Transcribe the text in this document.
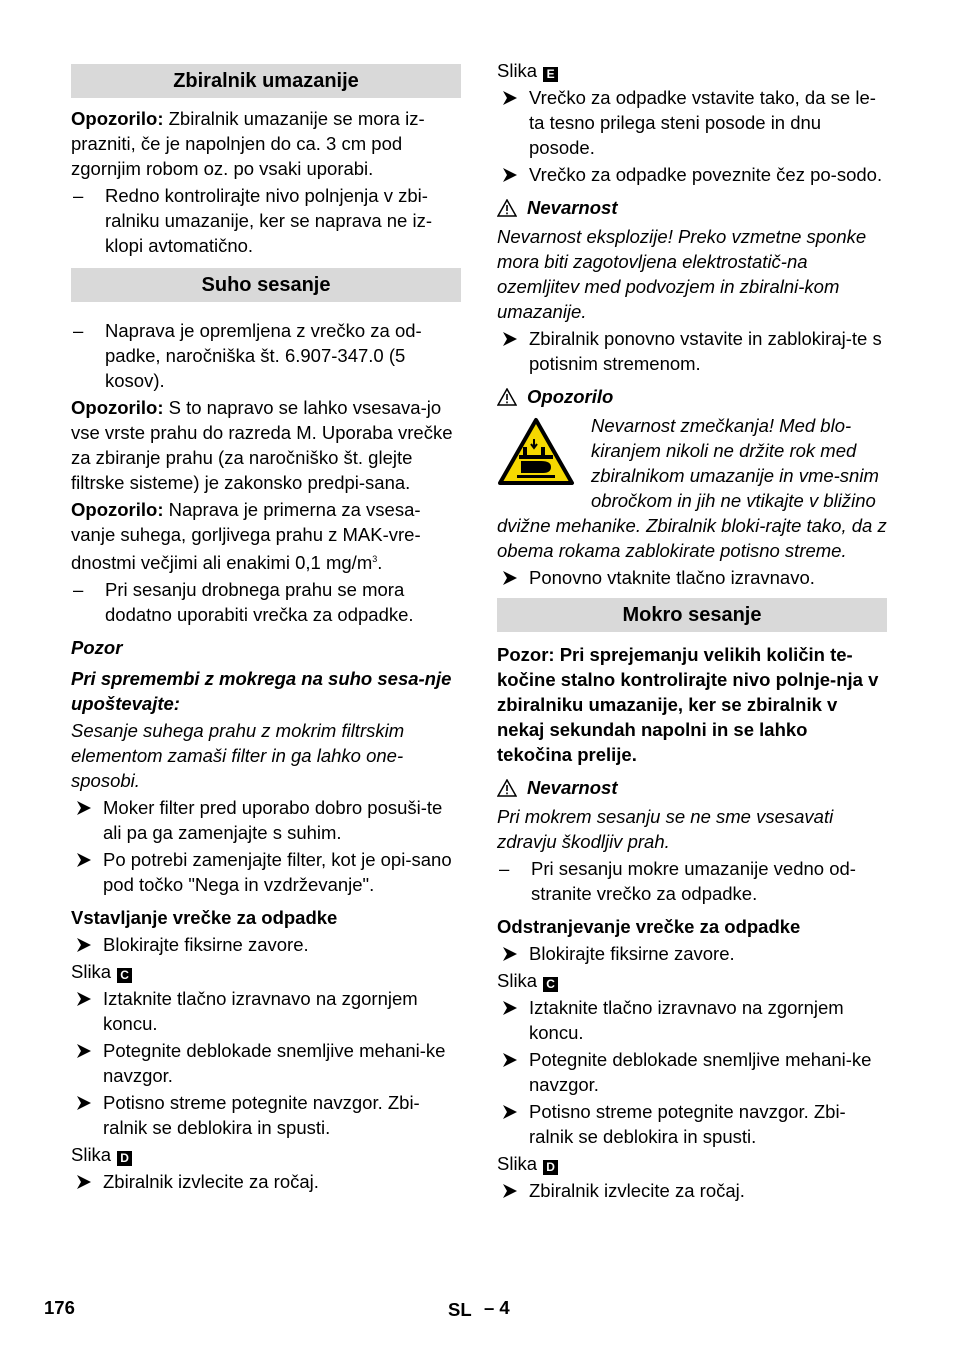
Zbiralnik umazanije

Opozorilo: Zbiralnik umazanije se mora iz-prazniti, če je napolnjen do ca. 3 cm pod zgornjim robom oz. po vsaki uporabi.

–	Redno kontrolirajte nivo polnjenja v zbi-ralniku umazanije, ker se naprava ne iz-klopi avtomatično.
Suho sesanje
–	Naprava je opremljena z vrečko za od-padke, naročniška št. 6.907-347.0 (5 kosov).

Opozorilo: S to napravo se lahko vsesava-jo vse vrste prahu do razreda M. Uporaba vrečke za zbiranje prahu (za naročniško št. glejte filtrske sisteme) je zakonsko predpi-sana.

Opozorilo: Naprava je primerna za vsesa-vanje suhega, gorljivega prahu z MAK-vre-dnostmi večjimi ali enakimi 0,1 $mg/m^3$.

–	Pri sesanju drobnega prahu se mora dodatno uporabiti vrečka za odpadke.

Pozor

Pri spremembi z mokrega na suho sesa-nje upoštevajte:

Sesanje suhega prahu z mokrim filtrskim elementom zamaši filter in ga lahko one-sposobi.

Moker filter pred uporabo dobro posuši-te ali pa ga zamenjajte s suhim.
Po potrebi zamenjajte filter, kot je opi-sano pod točko "Nega in vzdrževanje".
Vstavljanje vrečke za odpadke
Blokirajte fiksirne zavore.
Slika C
Iztaknite tlačno izravnavo na zgornjem koncu.
Potegnite deblokade snemljive mehani-ke navzgor.
Potisno streme potegnite navzgor. Zbi-ralnik se deblokira in spusti.
Slika D
Zbiralnik izvlecite za ročaj.
Slika E
Vrečko za odpadke vstavite tako, da se le-ta tesno prilega steni posode in dnu posode.
Vrečko za odpadke poveznite čez po-sodo.
Nevarnost

Nevarnost eksplozije! Preko vzmetne sponke mora biti zagotovljena elektrostatič-na ozemljitev med podvozjem in zbiralni-kom umazanije.

Zbiralnik ponovno vstavite in zablokiraj-te s potisnim stremenom.
Opozorilo

Nevarnost zmečkanja! Med blo-kiranjem nikoli ne držite rok med zbiralnikom umazanije in vme-snim obročkom in jih ne vtikajte v bližino dvižne mehanike. Zbiralnik bloki-rajte tako, da z obema rokama zablokirate potisno streme.

Ponovno vtaknite tlačno izravnavo.
Mokro sesanje

Pozor: Pri sprejemanju velikih količin te-kočine stalno kontrolirajte nivo polnje-nja v zbiralniku umazanije, ker se zbiralnik v nekaj sekundah napolni in se lahko tekočina prelije.

Nevarnost

Pri mokrem sesanju se ne sme vsesavati zdravju škodljiv prah.

–	Pri sesanju mokre umazanije vedno od-stranite vrečko za odpadke.
Odstranjevanje vrečke za odpadke
Blokirajte fiksirne zavore.
Slika C
Iztaknite tlačno izravnavo na zgornjem koncu.
Potegnite deblokade snemljive mehani-ke navzgor.
Potisno streme potegnite navzgor. Zbi-ralnik se deblokira in spusti.
Slika D
Zbiralnik izvlecite za ročaj.
176	SL – 4
